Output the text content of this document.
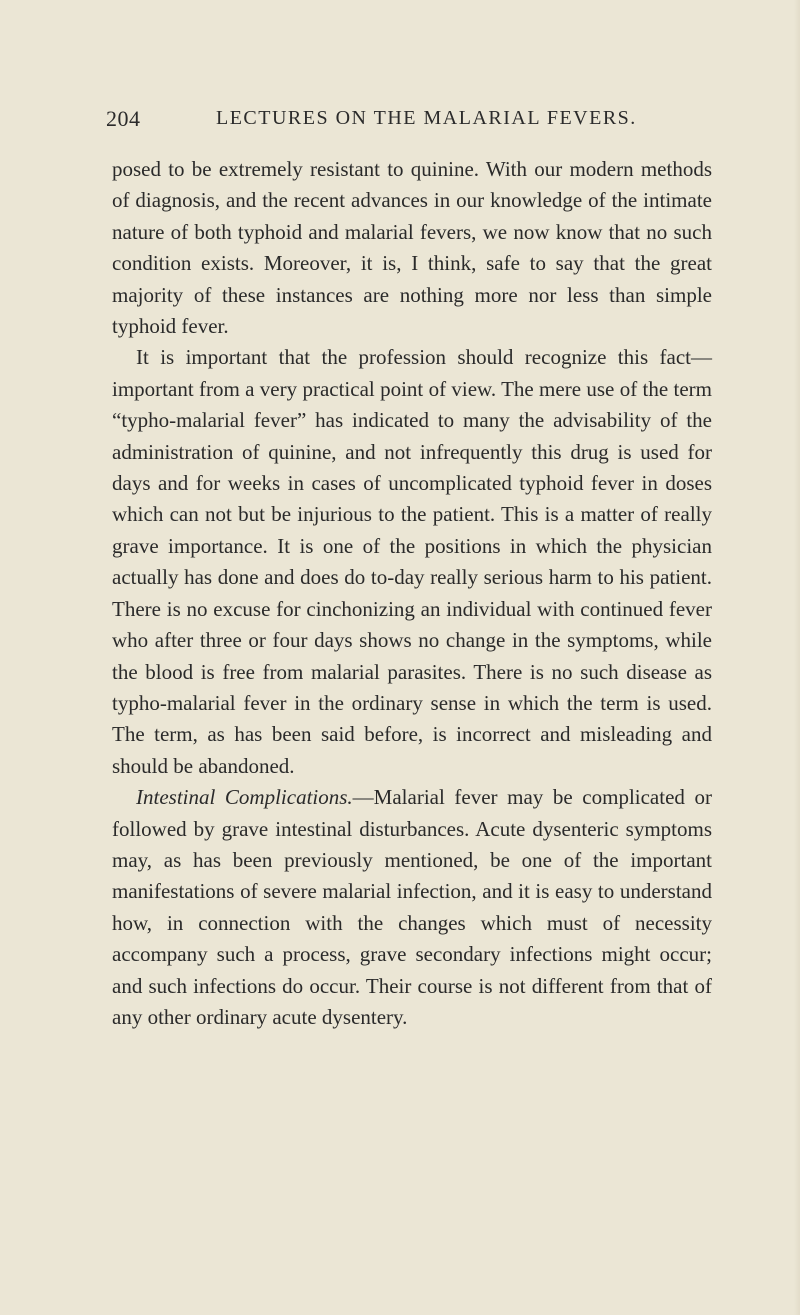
204	LECTURES ON THE MALARIAL FEVERS.

posed to be extremely resistant to quinine. With our modern methods of diagnosis, and the recent advances in our knowledge of the intimate nature of both typhoid and malarial fevers, we now know that no such condition exists. Moreover, it is, I think, safe to say that the great majority of these instances are nothing more nor less than simple typhoid fever.

It is important that the profession should recognize this fact—important from a very practical point of view. The mere use of the term “typho-malarial fever” has indicated to many the advisability of the administration of quinine, and not infrequently this drug is used for days and for weeks in cases of uncomplicated typhoid fever in doses which can not but be injurious to the patient. This is a matter of really grave importance. It is one of the positions in which the physician actually has done and does do to-day really serious harm to his patient. There is no excuse for cinchonizing an individual with continued fever who after three or four days shows no change in the symptoms, while the blood is free from malarial parasites. There is no such disease as typho-malarial fever in the ordinary sense in which the term is used. The term, as has been said before, is incorrect and misleading and should be abandoned.

Intestinal Complications.—Malarial fever may be complicated or followed by grave intestinal disturbances. Acute dysenteric symptoms may, as has been previously mentioned, be one of the important manifestations of severe malarial infection, and it is easy to understand how, in connection with the changes which must of necessity accompany such a process, grave secondary infections might occur; and such infections do occur. Their course is not different from that of any other ordinary acute dysentery.
